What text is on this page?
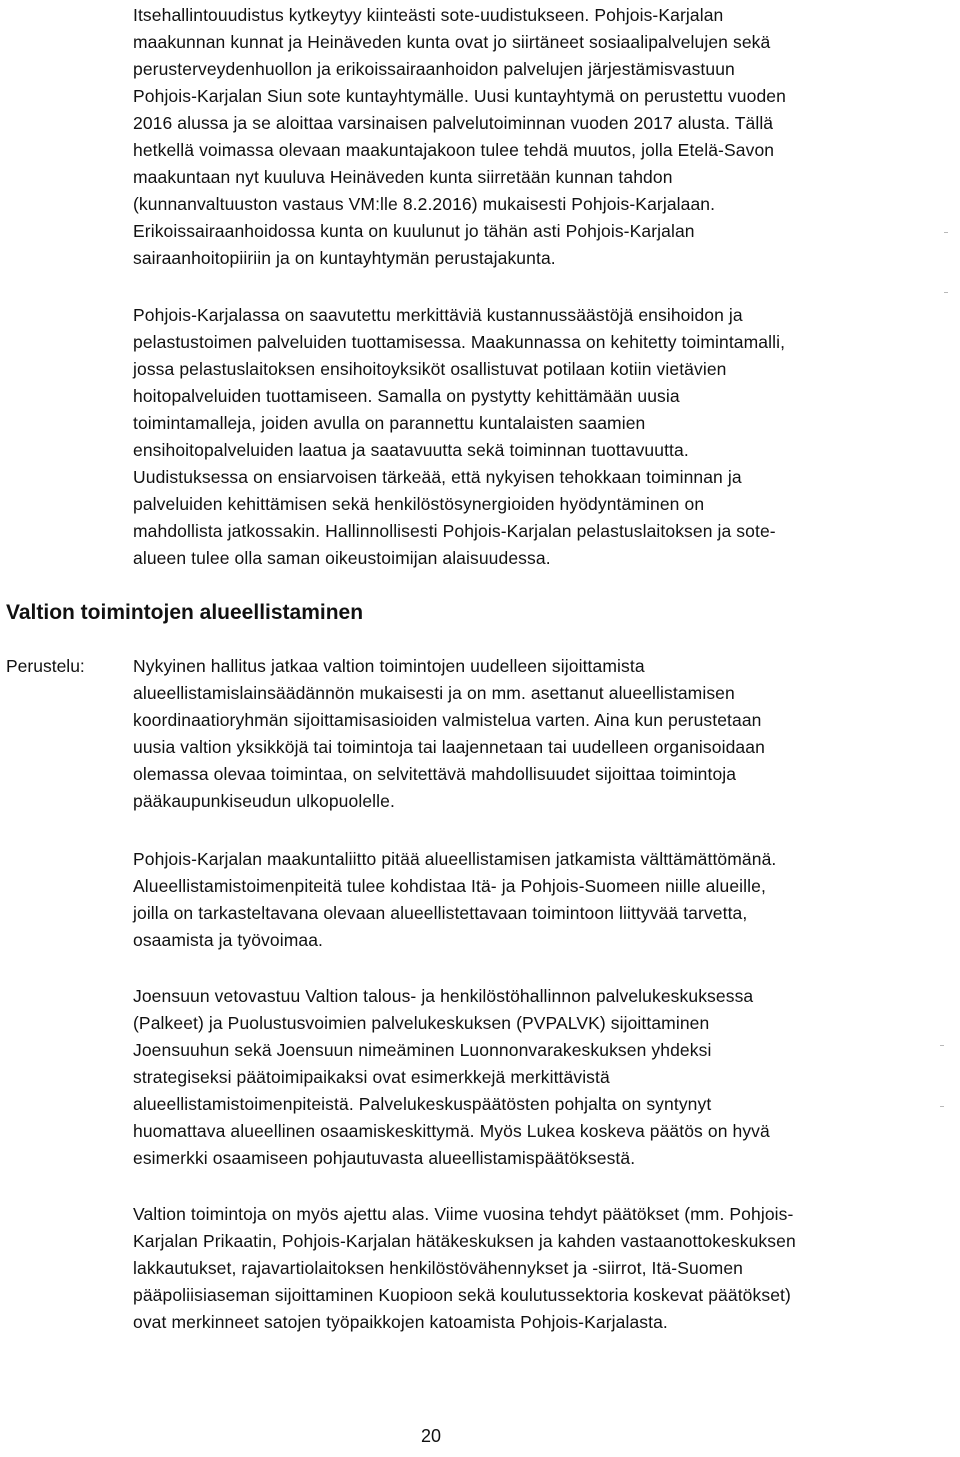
Itsehallintouudistus kytkeytyy kiinteästi sote-uudistukseen. Pohjois-Karjalan
maakunnan kunnat ja Heinäveden kunta ovat jo siirtäneet sosiaalipalvelujen sekä
perusterveydenhuollon ja erikoissairaanhoidon palvelujen järjestämisvastuun
Pohjois-Karjalan Siun sote kuntayhtymälle. Uusi kuntayhtymä on perustettu vuoden
2016 alussa ja se aloittaa varsinaisen palvelutoiminnan vuoden 2017 alusta. Tällä
hetkellä voimassa olevaan maakuntajakoon tulee tehdä muutos, jolla Etelä-Savon
maakuntaan nyt kuuluva Heinäveden kunta siirretään kunnan tahdon
(kunnanvaltuuston vastaus VM:lle 8.2.2016) mukaisesti Pohjois-Karjalaan.
Erikoissairaanhoidossa kunta on kuulunut jo tähän asti Pohjois-Karjalan
sairaanhoitopiiriin ja on kuntayhtymän perustajakunta.
Pohjois-Karjalassa on saavutettu merkittäviä kustannussäästöjä ensihoidon ja
pelastustoimen palveluiden tuottamisessa. Maakunnassa on kehitetty toimintamalli,
jossa pelastuslaitoksen ensihoitoyksiköt osallistuvat potilaan kotiin vietävien
hoitopalveluiden tuottamiseen. Samalla on pystytty kehittämään uusia
toimintamalleja, joiden avulla on parannettu kuntalaisten saamien
ensihoitopalveluiden laatua ja saatavuutta sekä toiminnan tuottavuutta.
Uudistuksessa on ensiarvoisen tärkeää, että nykyisen tehokkaan toiminnan ja
palveluiden kehittämisen sekä henkilöstösynergioiden hyödyntäminen on
mahdollista jatkossakin. Hallinnollisesti Pohjois-Karjalan pelastuslaitoksen ja sote-
alueen tulee olla saman oikeustoimijan alaisuudessa.
Valtion toimintojen alueellistaminen
Perustelu:	Nykyinen hallitus jatkaa valtion toimintojen uudelleen sijoittamista
alueellistamislainsäädännön mukaisesti ja on mm. asettanut alueellistamisen
koordinaatioryhmän sijoittamisasioiden valmistelua varten. Aina kun perustetaan
uusia valtion yksikköjä tai toimintoja tai laajennetaan tai uudelleen organisoidaan
olemassa olevaa toimintaa, on selvitettävä mahdollisuudet sijoittaa toimintoja
pääkaupunkiseudun ulkopuolelle.
Pohjois-Karjalan maakuntaliitto pitää alueellistamisen jatkamista välttämättömänä.
Alueellistamistoimenpiteitä tulee kohdistaa Itä- ja Pohjois-Suomeen niille alueille,
joilla on tarkasteltavana olevaan alueellistettavaan toimintoon liittyvää tarvetta,
osaamista ja työvoimaa.
Joensuun vetovastuu Valtion talous- ja henkilöstöhallinnon palvelukeskuksessa
(Palkeet) ja Puolustusvoimien palvelukeskuksen (PVPALVK) sijoittaminen
Joensuuhun sekä Joensuun nimeäminen Luonnonvarakeskuksen yhdeksi
strategiseksi päätoimipaikaksi ovat esimerkkejä merkittävistä
alueellistamistoimenpiteistä. Palvelukeskuspäätösten pohjalta on syntynyt
huomattava alueellinen osaamiskeskittymä. Myös Lukea koskeva päätös on hyvä
esimerkki osaamiseen pohjautuvasta alueellistamispäätöksestä.
Valtion toimintoja on myös ajettu alas. Viime vuosina tehdyt päätökset (mm. Pohjois-
Karjalan Prikaatin, Pohjois-Karjalan hätäkeskuksen ja kahden vastaanottokeskuksen
lakkautukset, rajavartiolaitoksen henkilöstövähennykset ja -siirrot, Itä-Suomen
pääpoliisiaseman sijoittaminen Kuopioon sekä koulutussektoria koskevat päätökset)
ovat merkinneet satojen työpaikkojen katoamista Pohjois-Karjalasta.
20
